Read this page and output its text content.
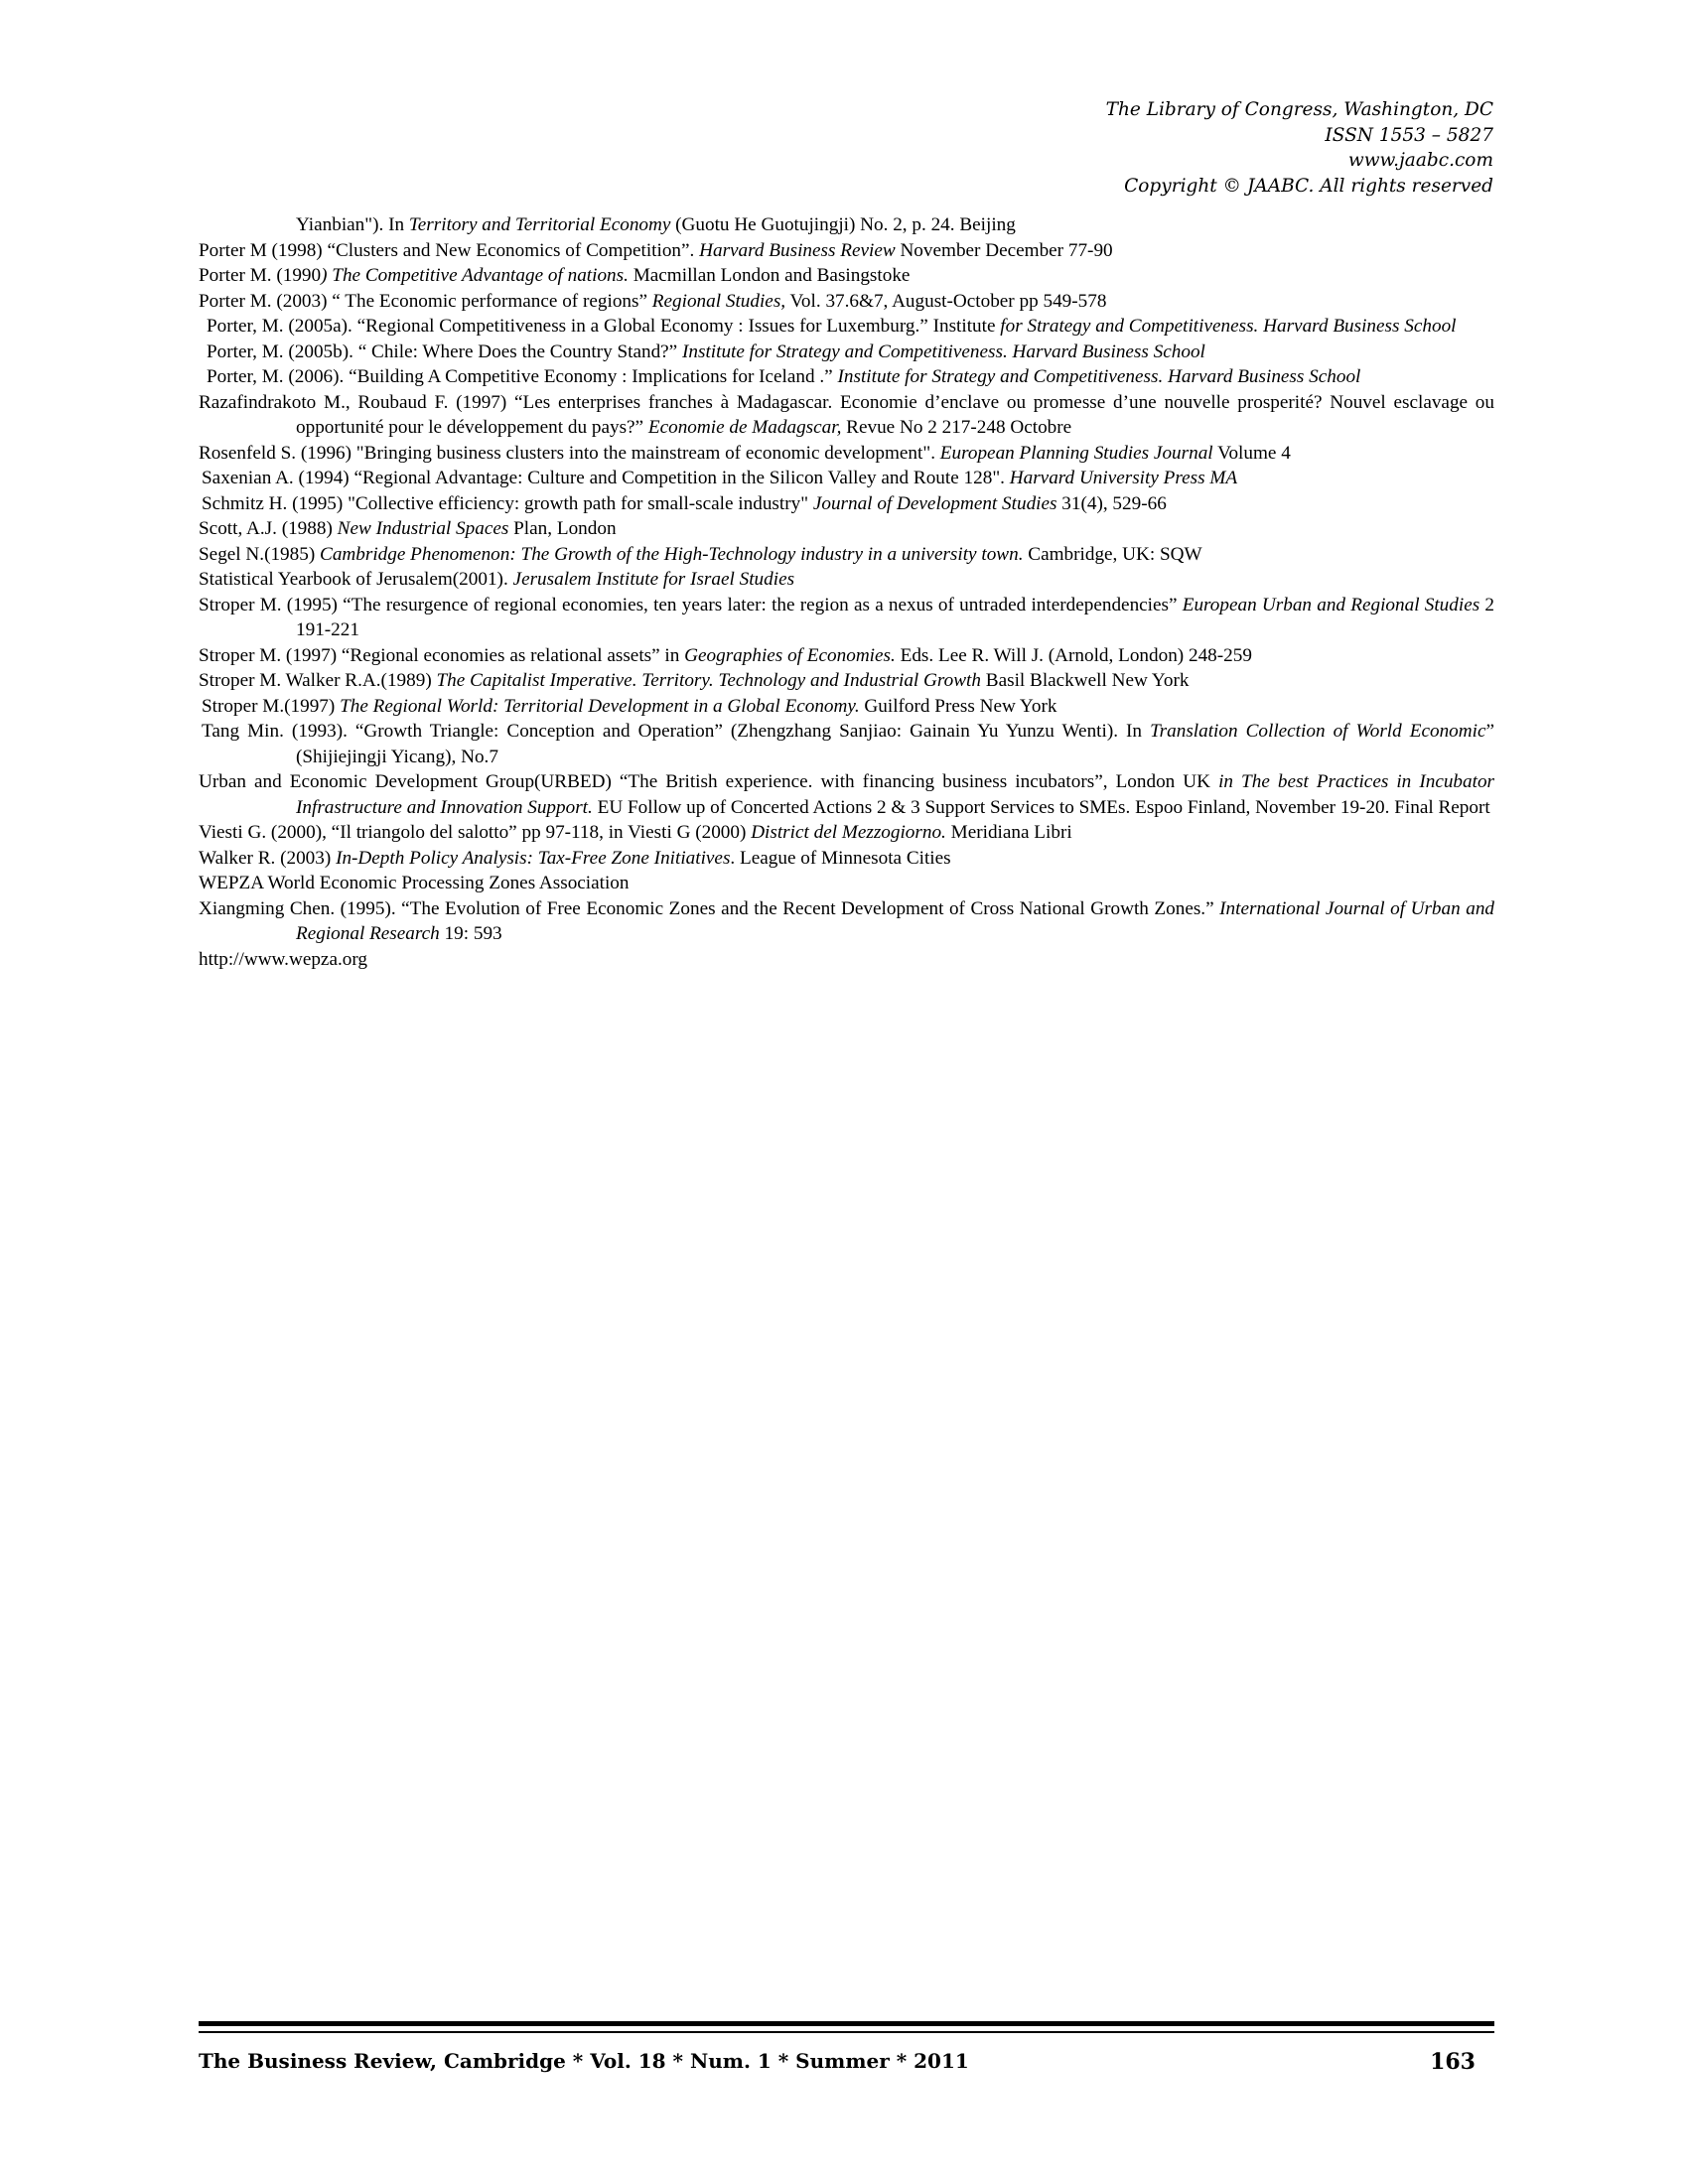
The Library of Congress, Washington, DC
ISSN 1553 – 5827
www.jaabc.com
Copyright © JAABC. All rights reserved
Yianbian"). In Territory and Territorial Economy (Guotu He Guotujingji) No. 2, p. 24. Beijing
Porter M (1998) “Clusters and New Economics of Competition”. Harvard Business Review November December 77-90
Porter M. (1990) The Competitive Advantage of nations. Macmillan London and Basingstoke
Porter M. (2003) “ The Economic performance of regions” Regional Studies, Vol. 37.6&7, August-October pp 549-578
Porter, M. (2005a). “Regional Competitiveness in a Global Economy : Issues for Luxemburg.” Institute for Strategy and Competitiveness. Harvard Business School
Porter, M. (2005b). “ Chile: Where Does the Country Stand?” Institute for Strategy and Competitiveness. Harvard Business School
Porter, M. (2006). “Building A Competitive Economy : Implications for Iceland .” Institute for Strategy and Competitiveness. Harvard Business School
Razafindrakoto M., Roubaud F. (1997) “Les enterprises franches à Madagascar. Economie d’enclave ou promesse d’une nouvelle prosperité? Nouvel esclavage ou opportunité pour le développement du pays?” Economie de Madagscar, Revue No 2 217-248 Octobre
Rosenfeld S. (1996) "Bringing business clusters into the mainstream of economic development". European Planning Studies Journal Volume 4
Saxenian A. (1994) “Regional Advantage: Culture and Competition in the Silicon Valley and Route 128". Harvard University Press MA
Schmitz H. (1995) "Collective efficiency: growth path for small-scale industry" Journal of Development Studies 31(4), 529-66
Scott, A.J. (1988) New Industrial Spaces Plan, London
Segel N.(1985) Cambridge Phenomenon: The Growth of the High-Technology industry in a university town. Cambridge, UK: SQW
Statistical Yearbook of Jerusalem(2001). Jerusalem Institute for Israel Studies
Stroper M. (1995) “The resurgence of regional economies, ten years later: the region as a nexus of untraded interdependencies” European Urban and Regional Studies 2 191-221
Stroper M. (1997) “Regional economies as relational assets” in Geographies of Economies. Eds. Lee R. Will J. (Arnold, London) 248-259
Stroper M. Walker R.A.(1989) The Capitalist Imperative. Territory. Technology and Industrial Growth Basil Blackwell New York
Stroper M.(1997) The Regional World: Territorial Development in a Global Economy. Guilford Press New York
Tang Min. (1993). “Growth Triangle: Conception and Operation” (Zhengzhang Sanjiao: Gainain Yu Yunzu Wenti). In Translation Collection of World Economic” (Shijiejingji Yicang), No.7
Urban and Economic Development Group(URBED) “The British experience. with financing business incubators”, London UK in The best Practices in Incubator Infrastructure and Innovation Support. EU Follow up of Concerted Actions 2 & 3 Support Services to SMEs. Espoo Finland, November 19-20. Final Report
Viesti G. (2000), “Il triangolo del salotto” pp 97-118, in Viesti G (2000) District del Mezzogiorno. Meridiana Libri
Walker R. (2003) In-Depth Policy Analysis: Tax-Free Zone Initiatives. League of Minnesota Cities
WEPZA World Economic Processing Zones Association
Xiangming Chen. (1995). “The Evolution of Free Economic Zones and the Recent Development of Cross National Growth Zones.” International Journal of Urban and Regional Research 19: 593
http://www.wepza.org
The Business Review, Cambridge * Vol. 18 * Num. 1 * Summer * 2011	163
